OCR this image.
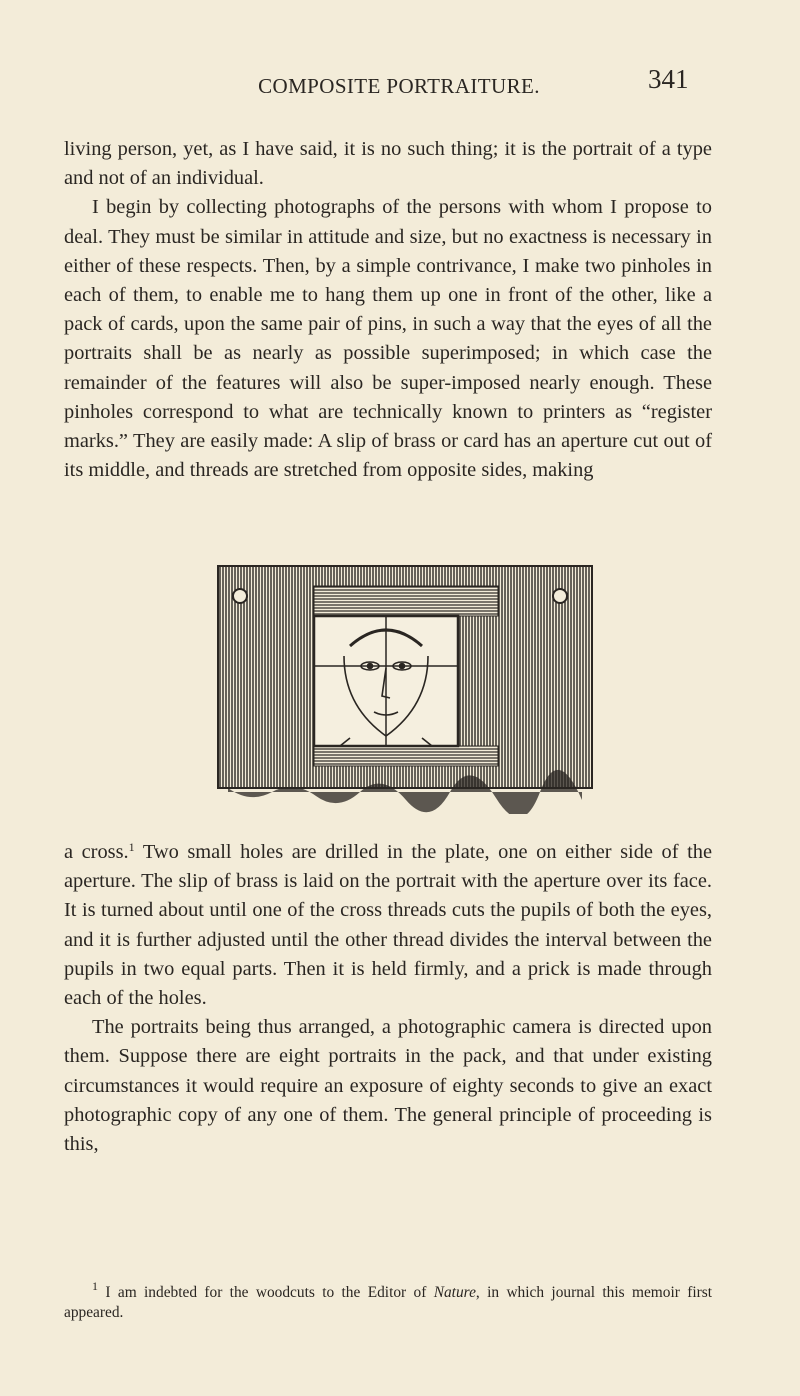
COMPOSITE PORTRAITURE.	341

living person, yet, as I have said, it is no such thing; it is the portrait of a type and not of an individual.

I begin by collecting photographs of the persons with whom I propose to deal. They must be similar in attitude and size, but no exactness is necessary in either of these respects. Then, by a simple contrivance, I make two pinholes in each of them, to enable me to hang them up one in front of the other, like a pack of cards, upon the same pair of pins, in such a way that the eyes of all the portraits shall be as nearly as possible superimposed; in which case the remainder of the features will also be super-imposed nearly enough. These pinholes correspond to what are technically known to printers as “register marks.” They are easily made: A slip of brass or card has an aperture cut out of its middle, and threads are stretched from opposite sides, making

a cross.$^1$ Two small holes are drilled in the plate, one on either side of the aperture. The slip of brass is laid on the portrait with the aperture over its face. It is turned about until one of the cross threads cuts the pupils of both the eyes, and it is further adjusted until the other thread divides the interval between the pupils in two equal parts. Then it is held firmly, and a prick is made through each of the holes.

The portraits being thus arranged, a photographic camera is directed upon them. Suppose there are eight portraits in the pack, and that under existing circumstances it would require an exposure of eighty seconds to give an exact photographic copy of any one of them. The general principle of proceeding is this,

$^1$ I am indebted for the woodcuts to the Editor of Nature, in which journal this memoir first appeared.
